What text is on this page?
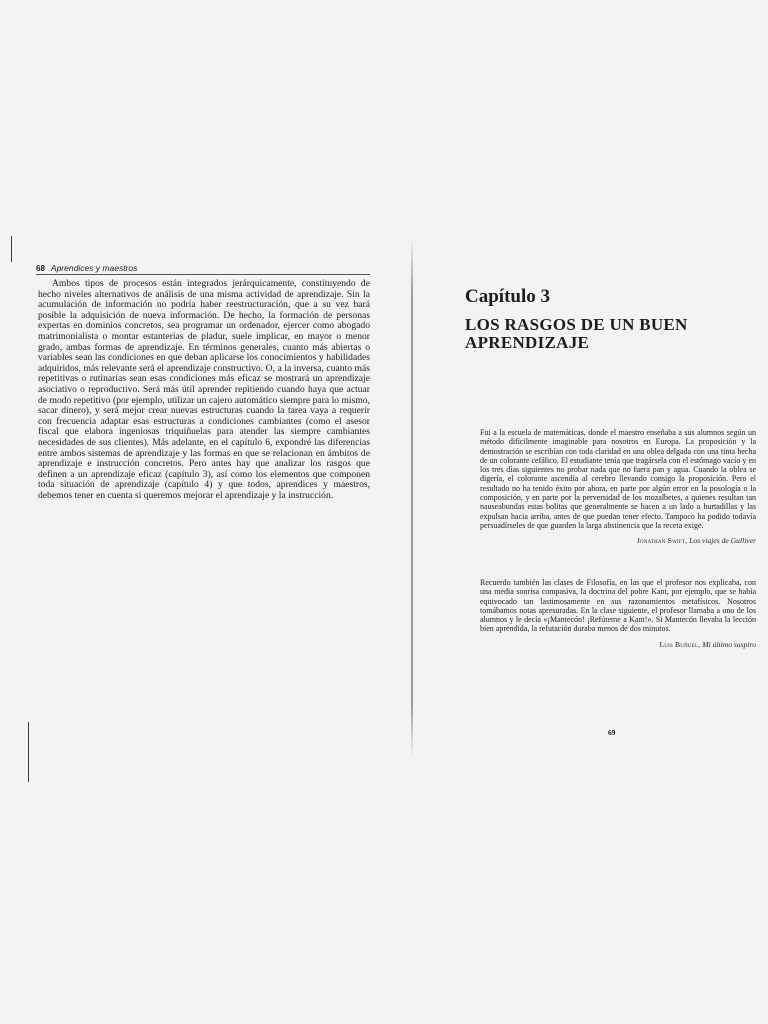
68 Aprendices y maestros

Ambos tipos de procesos están integrados jerárquicamente, constituyendo de hecho niveles alternativos de análisis de una misma actividad de aprendizaje. Sin la acumulación de información no podría haber reestructuración, que a su vez hará posible la adquisición de nueva información. De hecho, la formación de personas expertas en dominios concretos, sea programar un ordenador, ejercer como abogado matrimonialista o montar estanterías de pladur, suele implicar, en mayor o menor grado, ambas formas de aprendizaje. En términos generales, cuanto más abiertas o variables sean las condiciones en que deban aplicarse los conocimientos y habilidades adquiridos, más relevante será el aprendizaje constructivo. O, a la inversa, cuanto más repetitivas o rutinarias sean esas condiciones más eficaz se mostrará un aprendizaje asociativo o reproductivo. Será más útil aprender repitiendo cuando haya que actuar de modo repetitivo (por ejemplo, utilizar un cajero automático siempre para lo mismo, sacar dinero), y será mejor crear nuevas estructuras cuando la tarea vaya a requerir con frecuencia adaptar esas estructuras a condiciones cambiantes (como el asesor fiscal que elabora ingeniosas triquiñuelas para atender las siempre cambiantes necesidades de sus clientes). Más adelante, en el capítulo 6, expondré las diferencias entre ambos sistemas de aprendizaje y las formas en que se relacionan en ámbitos de aprendizaje e instrucción concretos. Pero antes hay que analizar los rasgos que definen a un aprendizaje eficaz (capítulo 3), así como los elementos que componen toda situación de aprendizaje (capítulo 4) y que todos, aprendices y maestros, debemos tener en cuenta si queremos mejorar el aprendizaje y la instrucción.

Capítulo 3
LOS RASGOS DE UN BUEN
APRENDIZAJE

Fui a la escuela de matemáticas, donde el maestro enseñaba a sus alumnos según un método difícilmente imaginable para nosotros en Europa. La proposición y la demostración se escribían con toda claridad en una oblea delgada con una tinta hecha de un colorante cefálico. El estudiante tenía que tragársela con el estómago vacío y en los tres días siguientes no probar nada que no fuera pan y agua. Cuando la oblea se digería, el colorante ascendía al cerebro llevando consigo la proposición. Pero el resultado no ha tenido éxito por ahora, en parte por algún error en la posología o la composición, y en parte por la perversidad de los mozalbetes, a quienes resultan tan nauseabundas estas bolitas que generalmente se hacen a un lado a hurtadillas y las expulsan hacia arriba, antes de que puedan tener efecto. Tampoco ha podido todavía persuadírseles de que guarden la larga abstinencia que la receta exige.

Jonathan Swift, Los viajes de Gulliver

Recuerdo también las clases de Filosofía, en las que el profesor nos explicaba, con una media sonrisa compasiva, la doctrina del pobre Kant, por ejemplo, que se había equivocado tan lastimosamente en sus razonamientos metafísicos. Nosotros tomábamos notas apresuradas. En la clase siguiente, el profesor llamaba a uno de los alumnos y le decía «¡Mantecón! ¡Refúteme a Kant!». Si Mantecón llevaba la lección bien aprendida, la refutación duraba menos de dos minutos.

Luis Buñuel, Mi último suspiro

69
